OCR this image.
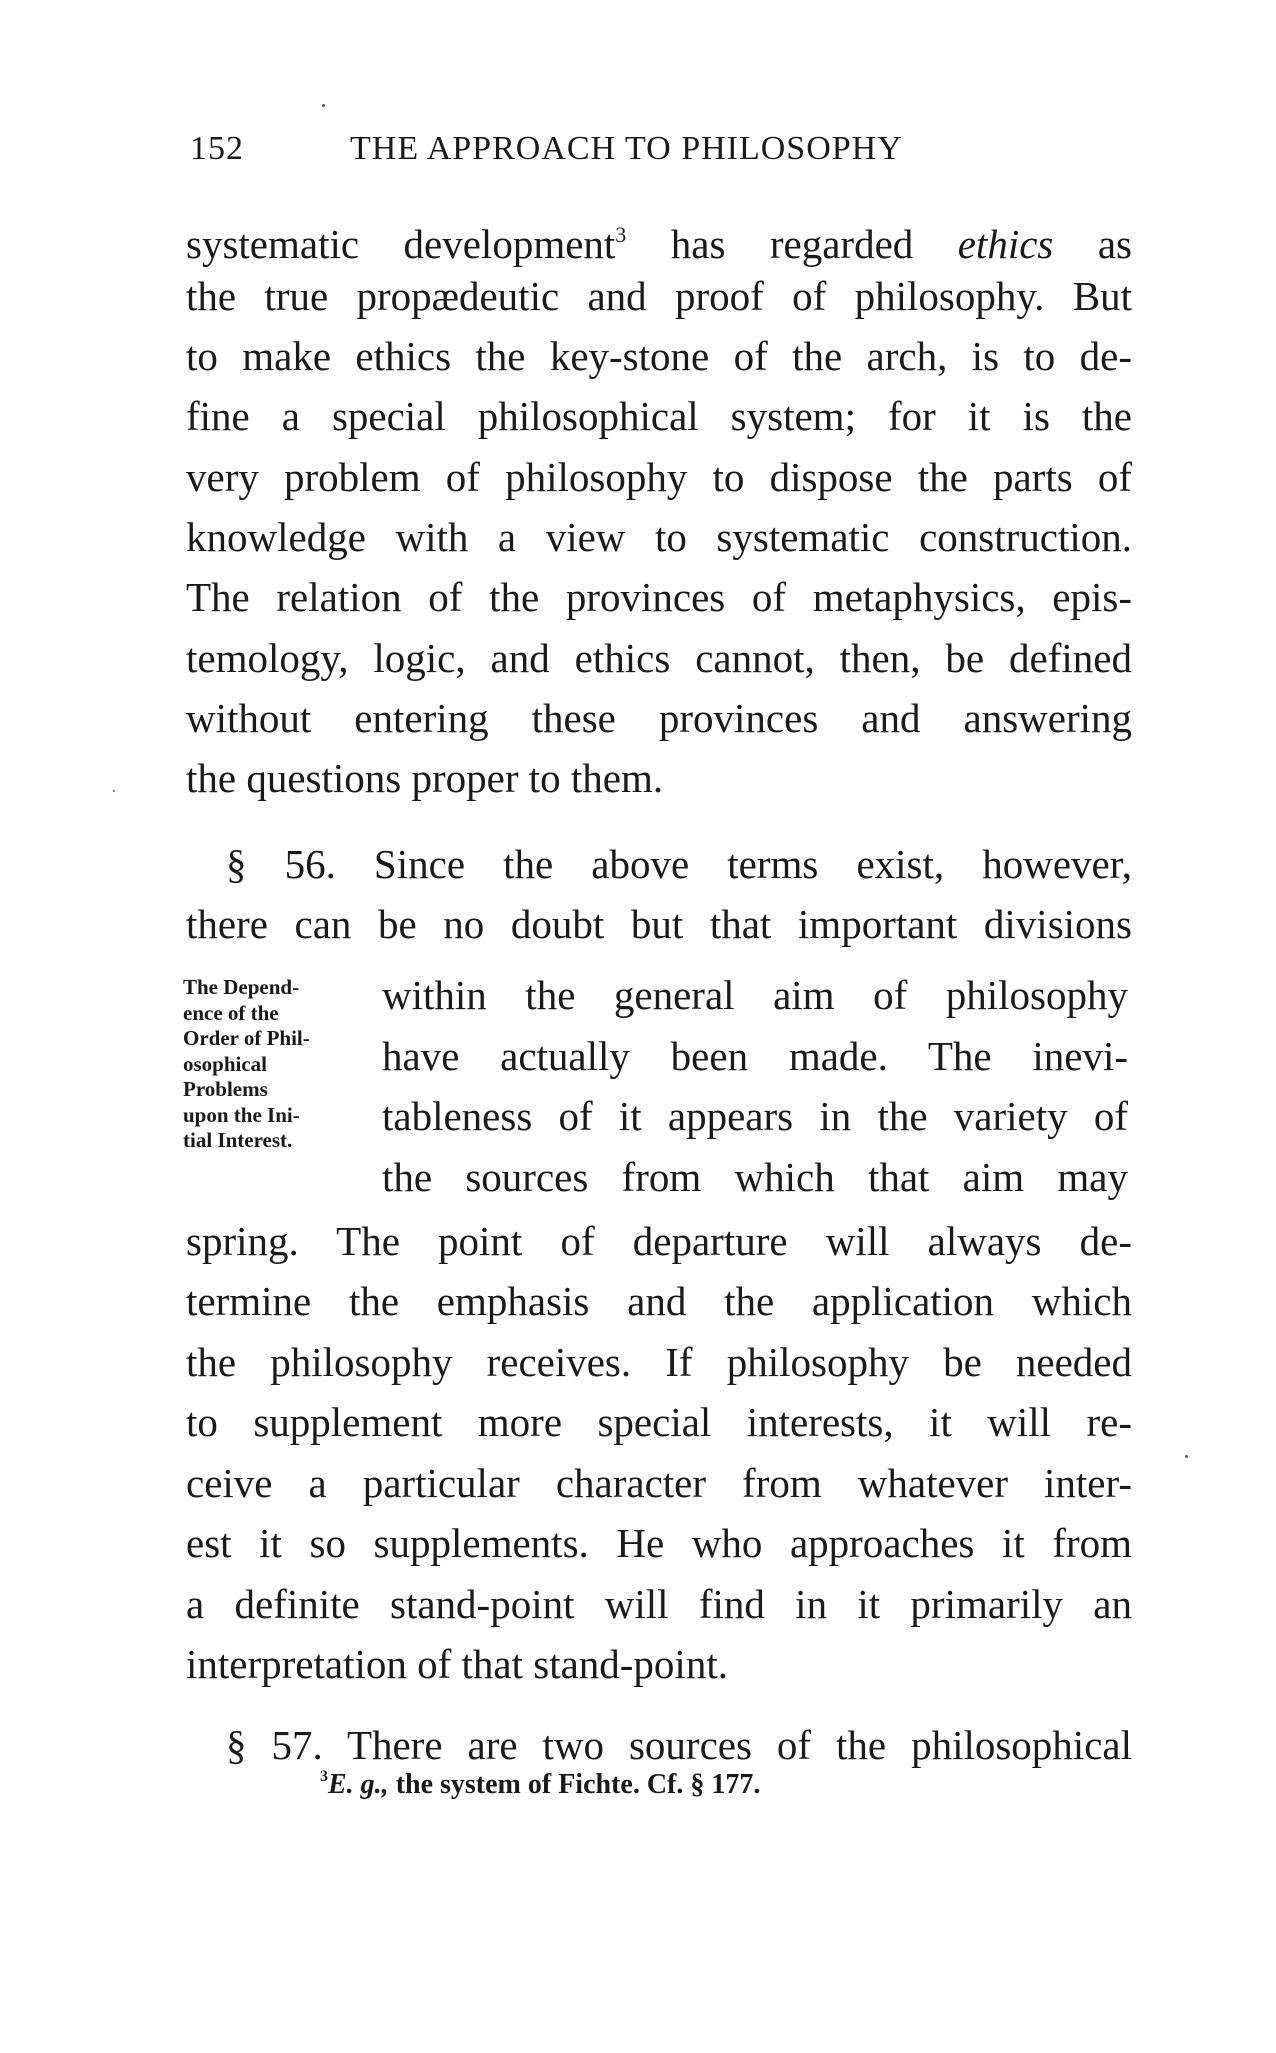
152	THE APPROACH TO PHILOSOPHY
systematic development$^3$ has regarded ethics as
the true propædeutic and proof of philosophy. But
to make ethics the key-stone of the arch, is to de-
fine a special philosophical system; for it is the
very problem of philosophy to dispose the parts of
knowledge with a view to systematic construction.
The relation of the provinces of metaphysics, epis-
temology, logic, and ethics cannot, then, be defined
without entering these provinces and answering
the questions proper to them.
§ 56. Since the above terms exist, however,
there can be no doubt but that important divisions
The Depend-
ence of the
Order of Phil-
osophical
Problems
upon the Ini-
tial Interest.
within the general aim of philosophy
have actually been made. The inevi-
tableness of it appears in the variety of
the sources from which that aim may
spring. The point of departure will always de-
termine the emphasis and the application which
the philosophy receives. If philosophy be needed
to supplement more special interests, it will re-
ceive a particular character from whatever inter-
est it so supplements. He who approaches it from
a definite stand-point will find in it primarily an
interpretation of that stand-point.
§ 57. There are two sources of the philosophical
$^3$E. g., the system of Fichte. Cf. § 177.
